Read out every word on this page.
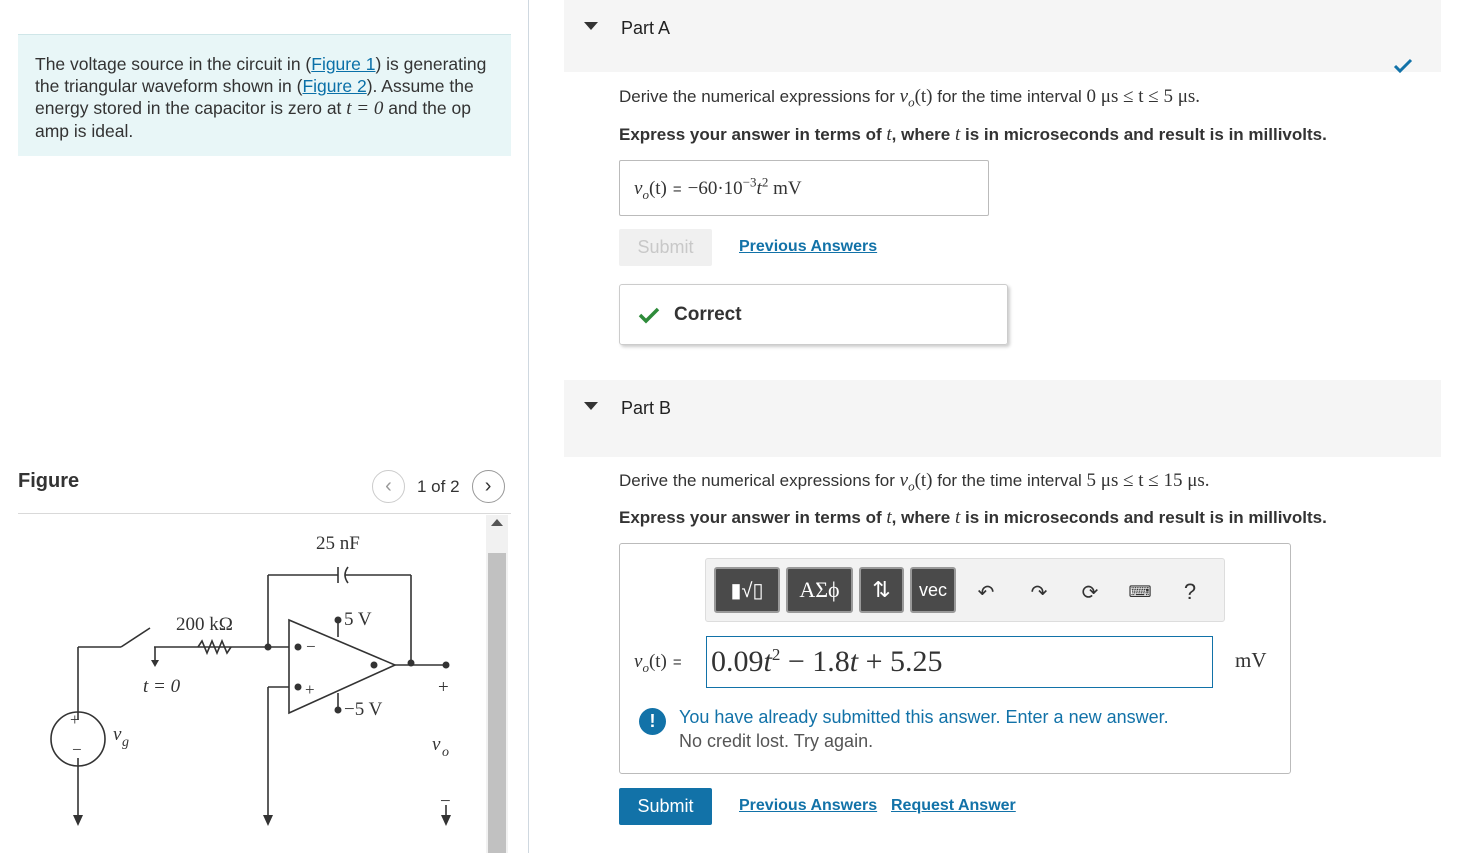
The voltage source in the circuit in (Figure 1) is generating the triangular waveform shown in (Figure 2). Assume the energy stored in the capacitor is zero at t = 0 and the op amp is ideal.
Figure	‹ 1 of 2 ›
25 nF
200 kΩ	5 V
−5 V
t = 0
v g	v o
+
−
+
−
−
+
Part A
Derive the numerical expressions for $v_o(t)$ for the time interval 0 μs ≤ t ≤ 5 μs.
Express your answer in terms of t, where t is in microseconds and result is in millivolts.
$v_o(t) = -60\cdot 10^{-3}t^2$ mV
Submit	Previous Answers
Correct
Part B
Derive the numerical expressions for $v_o(t)$ for the time interval 5 μs ≤ t ≤ 15 μs.
Express your answer in terms of t, where t is in microseconds and result is in millivolts.
▮√▯	ΑΣϕ	⇅	vec	↶	↷	⟳	⌨	?
$v_o(t) = 0.09t^2 - 1.8t + 5.25$	mV
!	You have already submitted this answer. Enter a new answer.
No credit lost. Try again.
Submit	Previous Answers Request Answer
